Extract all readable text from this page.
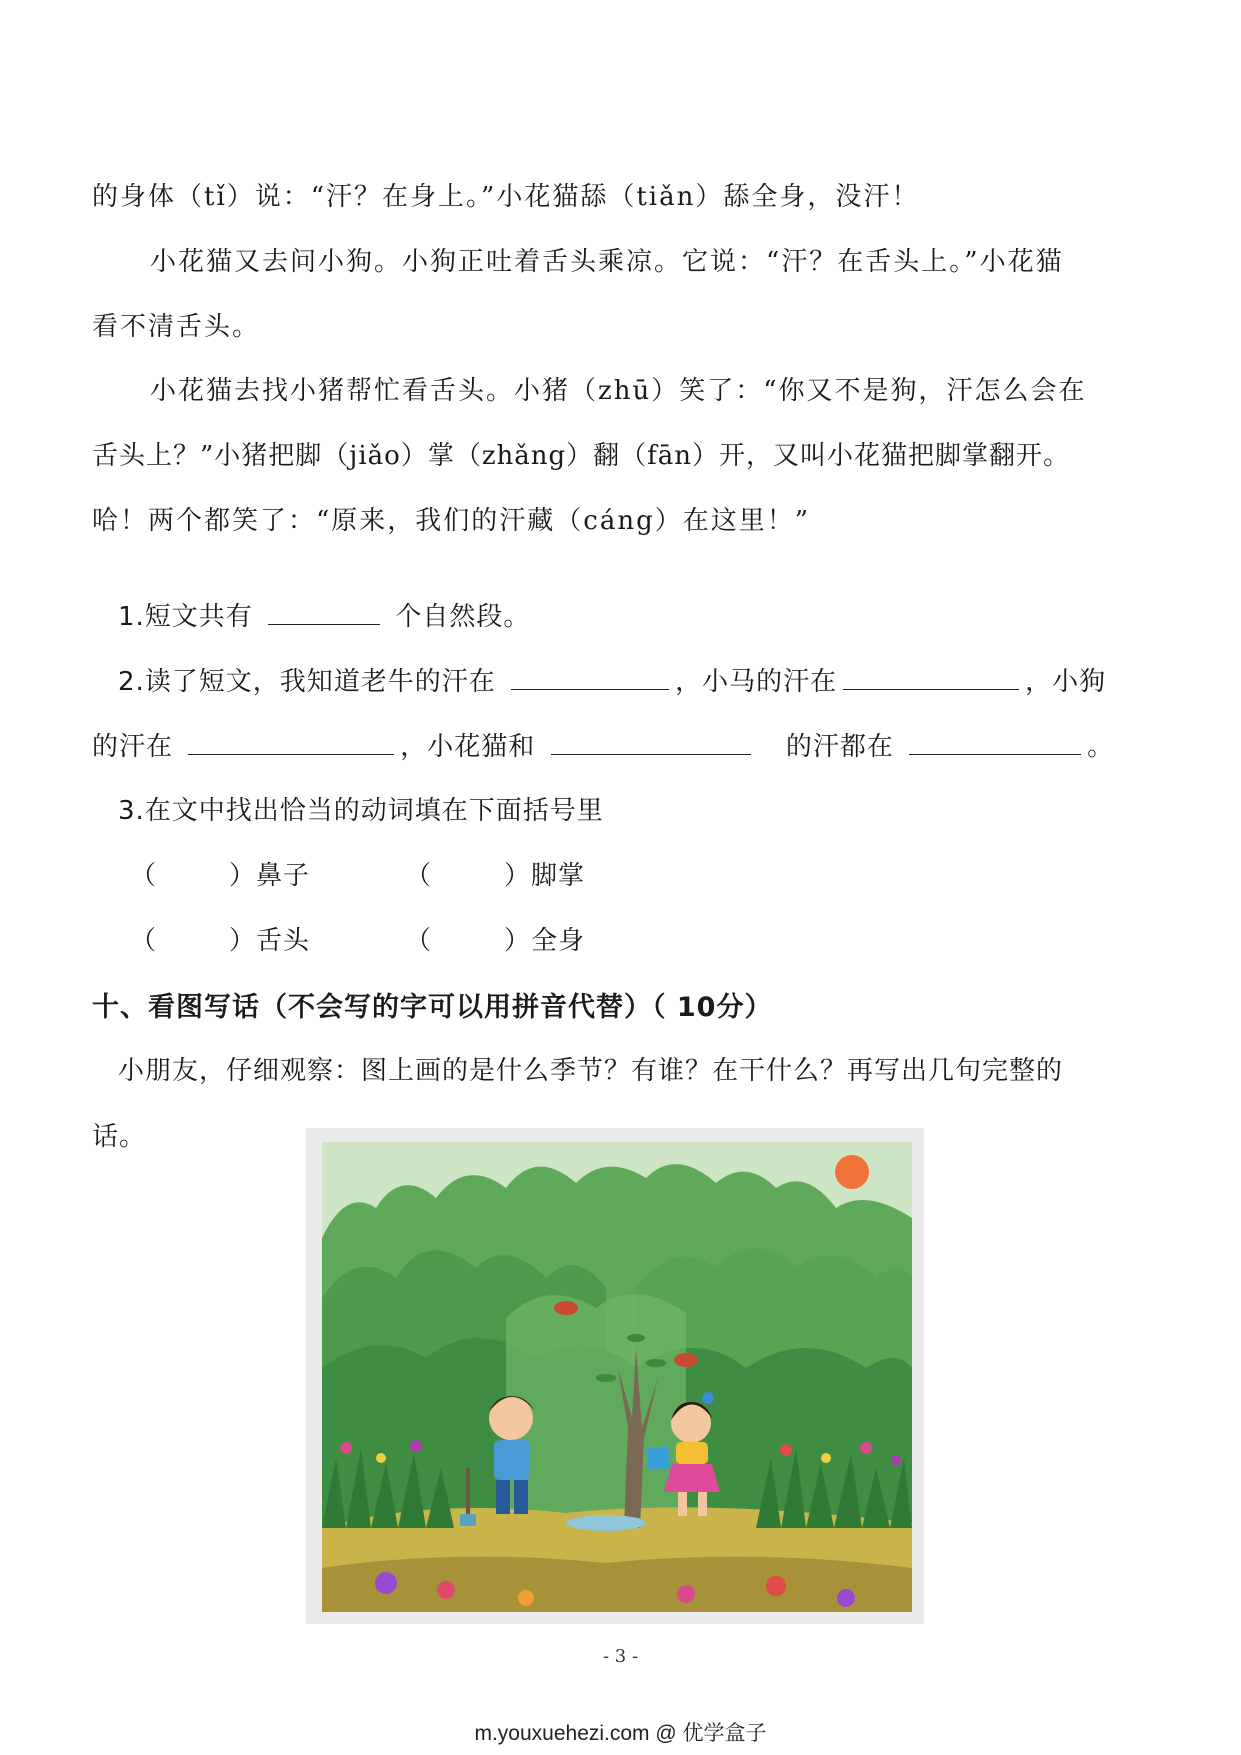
的身体（tǐ）说：“汗？在身上。”小花猫舔（tiǎn）舔全身，没汗！
小花猫又去问小狗。小狗正吐着舌头乘凉。它说：“汗？在舌头上。”小花猫
看不清舌头。
小花猫去找小猪帮忙看舌头。小猪（zhū）笑了：“你又不是狗，汗怎么会在
舌头上？”小猪把脚（jiǎo）掌（zhǎng）翻（fān）开，又叫小花猫把脚掌翻开。
哈！两个都笑了：“原来，我们的汗藏（cáng）在这里！”
1.短文共有	个自然段。
2.读了短文，我知道老牛的汗在	，小马的汗在	，小狗
的汗在	，小花猫和	的汗都在	。
3.在文中找出恰当的动词填在下面括号里
（	）鼻子	（	）脚掌
（	）舌头	（	）全身
十、看图写话（不会写的字可以用拼音代替）（ 10分）
小朋友，仔细观察：图上画的是什么季节？有谁？在干什么？再写出几句完整的
话。
- 3 -
m.youxuehezi.com @ 优学盒子
